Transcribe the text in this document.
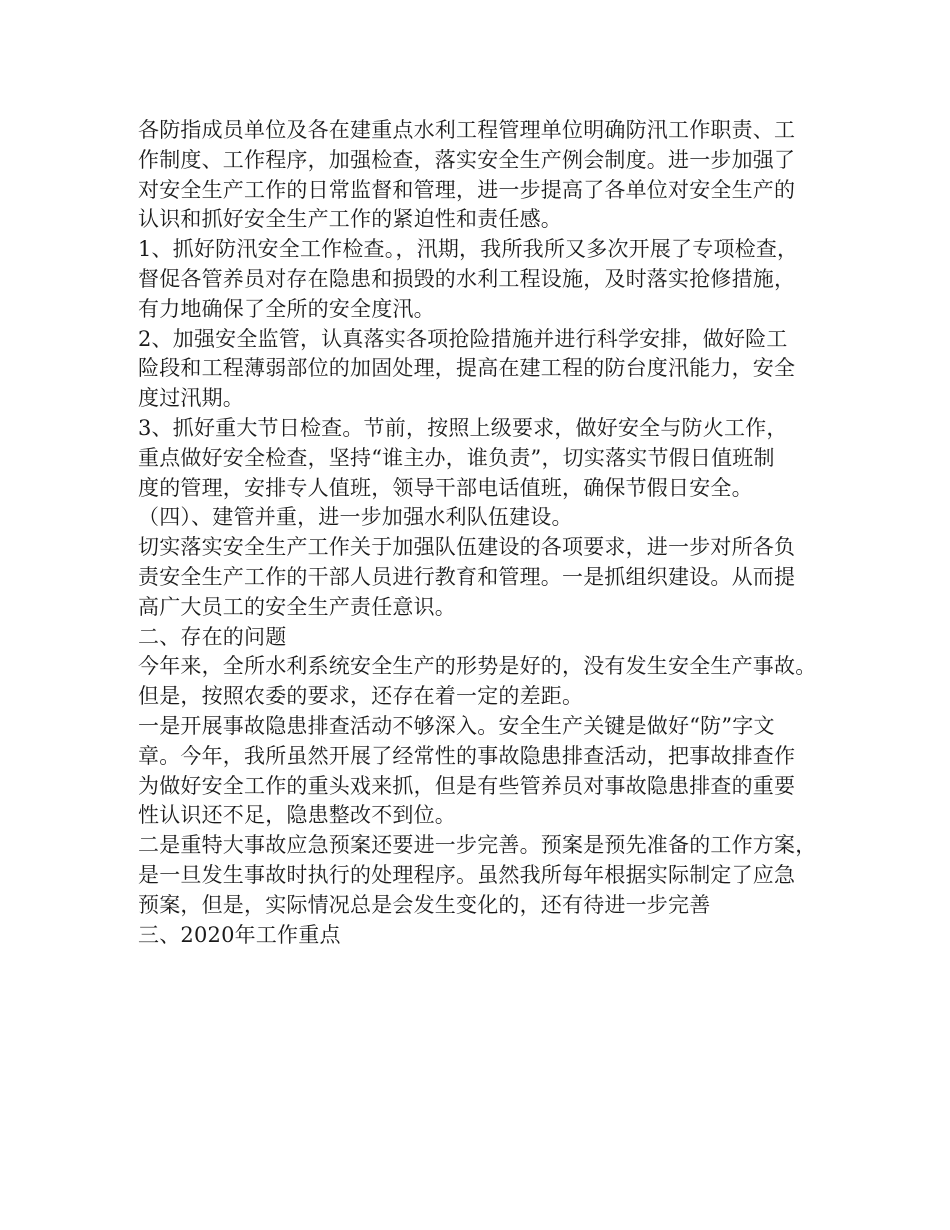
各防指成员单位及各在建重点水利工程管理单位明确防汛工作职责、工
作制度、工作程序，加强检查，落实安全生产例会制度。进一步加强了
对安全生产工作的日常监督和管理，进一步提高了各单位对安全生产的
认识和抓好安全生产工作的紧迫性和责任感。

1、抓好防汛安全工作检查。，汛期，我所我所又多次开展了专项检查，
督促各管养员对存在隐患和损毁的水利工程设施，及时落实抢修措施，
有力地确保了全所的安全度汛。

2、加强安全监管，认真落实各项抢险措施并进行科学安排，做好险工
险段和工程薄弱部位的加固处理，提高在建工程的防台度汛能力，安全
度过汛期。

3、抓好重大节日检查。节前，按照上级要求，做好安全与防火工作，
重点做好安全检查，坚持“谁主办，谁负责”，切实落实节假日值班制
度的管理，安排专人值班，领导干部电话值班，确保节假日安全。

（四）、建管并重，进一步加强水利队伍建设。

切实落实安全生产工作关于加强队伍建设的各项要求，进一步对所各负
责安全生产工作的干部人员进行教育和管理。一是抓组织建设。从而提
高广大员工的安全生产责任意识。

二、存在的问题

今年来，全所水利系统安全生产的形势是好的，没有发生安全生产事故。
但是，按照农委的要求，还存在着一定的差距。

一是开展事故隐患排查活动不够深入。安全生产关键是做好“防”字文
章。今年，我所虽然开展了经常性的事故隐患排查活动，把事故排查作
为做好安全工作的重头戏来抓，但是有些管养员对事故隐患排查的重要
性认识还不足，隐患整改不到位。

二是重特大事故应急预案还要进一步完善。预案是预先准备的工作方案，
是一旦发生事故时执行的处理程序。虽然我所每年根据实际制定了应急
预案，但是，实际情况总是会发生变化的，还有待进一步完善

三、2020年工作重点
